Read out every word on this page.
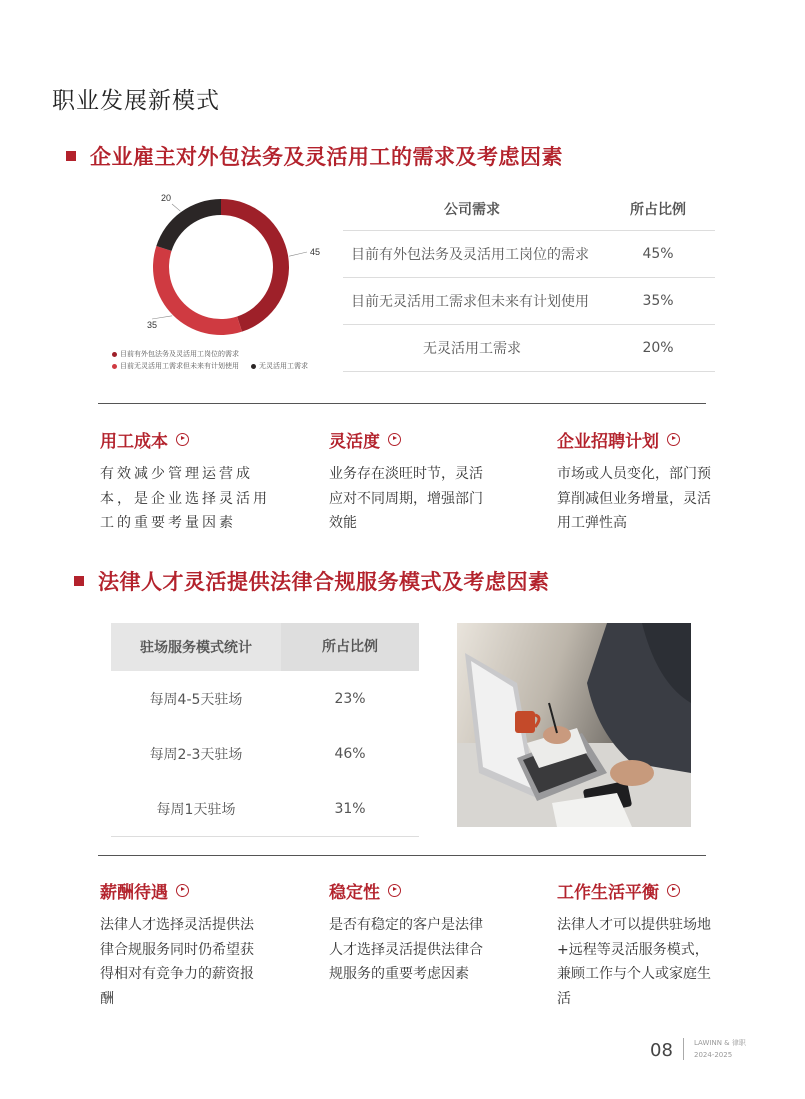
职业发展新模式
企业雇主对外包法务及灵活用工的需求及考虑因素
45
35
20
目前有外包法务及灵活用工岗位的需求
目前无灵活用工需求但未来有计划使用	无灵活用工需求
公司需求	所占比例
目前有外包法务及灵活用工岗位的需求	45%
目前无灵活用工需求但未来有计划使用	35%
无灵活用工需求	20%
用工成本
有效减少管理运营成本，是企业选择灵活用工的重要考量因素
灵活度
业务存在淡旺时节，灵活应对不同周期，增强部门效能
企业招聘计划
市场或人员变化，部门预算削减但业务增量，灵活用工弹性高
法律人才灵活提供法律合规服务模式及考虑因素
驻场服务模式统计	所占比例
每周4-5天驻场	23%
每周2-3天驻场	46%
每周1天驻场	31%
薪酬待遇
法律人才选择灵活提供法律合规服务同时仍希望获得相对有竞争力的薪资报酬
稳定性
是否有稳定的客户是法律人才选择灵活提供法律合规服务的重要考虑因素
工作生活平衡
法律人才可以提供驻场地+远程等灵活服务模式，兼顾工作与个人或家庭生活
08	LAWINN & 律职
2024-2025
